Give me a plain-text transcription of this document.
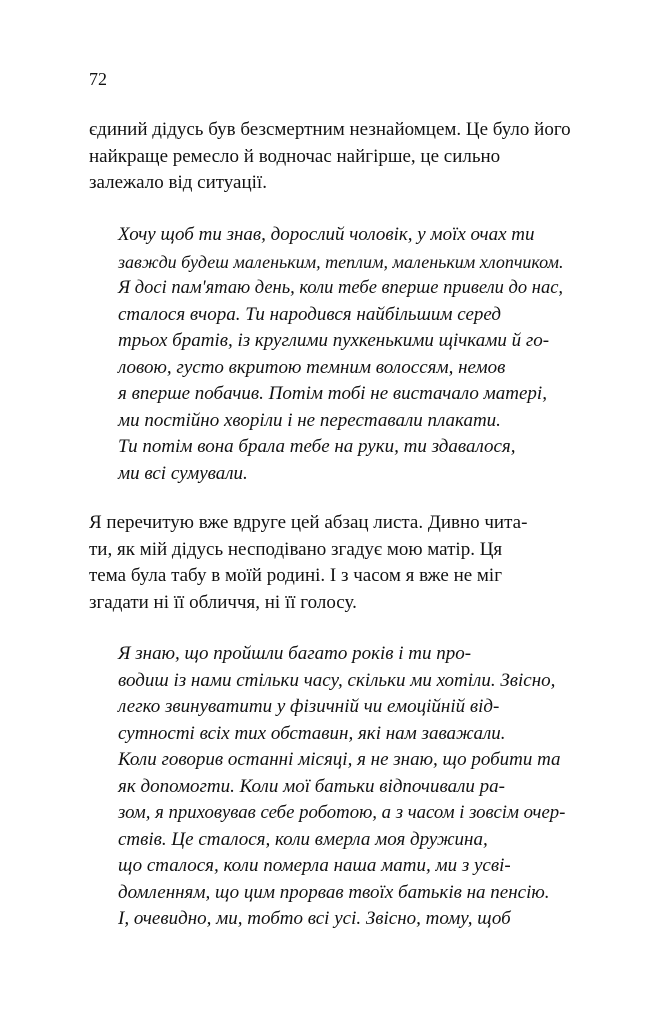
72

єдиний дідусь був безсмертним незнайомцем. Це було його
найкраще ремесло й водночас найгірше, це сильно
залежало від ситуації.
Хочу щоб ти знав, дорослий чоловік, у моїх очах ти
завжди будеш маленьким, теплим, маленьким хлопчиком.
Я досі пам'ятаю день, коли тебе вперше привели до нас,
сталося вчора. Ти народився найбільшим серед
трьох братів, із круглими пухкенькими щічками й го-
ловою, густо вкритою темним волоссям, немов
я вперше побачив. Потім тобі не вистачало матері,
ми постійно хворіли і не переставали плакати.
Ти потім вона брала тебе на руки, ти здавалося,
ми всі сумували.
Я перечитую вже вдруге цей абзац листа. Дивно чита-
ти, як мій дідусь несподівано згадує мою матір. Ця
тема була табу в моїй родині. І з часом я вже не міг
згадати ні її обличчя, ні її голосу.
Я знаю, що пройшли багато років і ти про-
водиш із нами стільки часу, скільки ми хотіли. Звісно,
легко звинуватити у фізичній чи емоційній від-
сутності всіх тих обставин, які нам заважали.
Коли говорив останні місяці, я не знаю, що робити та
як допомогти. Коли мої батьки відпочивали ра-
зом, я приховував себе роботою, а з часом і зовсім очер-
ствів. Це сталося, коли вмерла моя дружина,
що сталося, коли померла наша мати, ми з усві-
домленням, що цим прорвав твоїх батьків на пенсію.
І, очевидно, ми, тобто всі усі. Звісно, тому, щоб
